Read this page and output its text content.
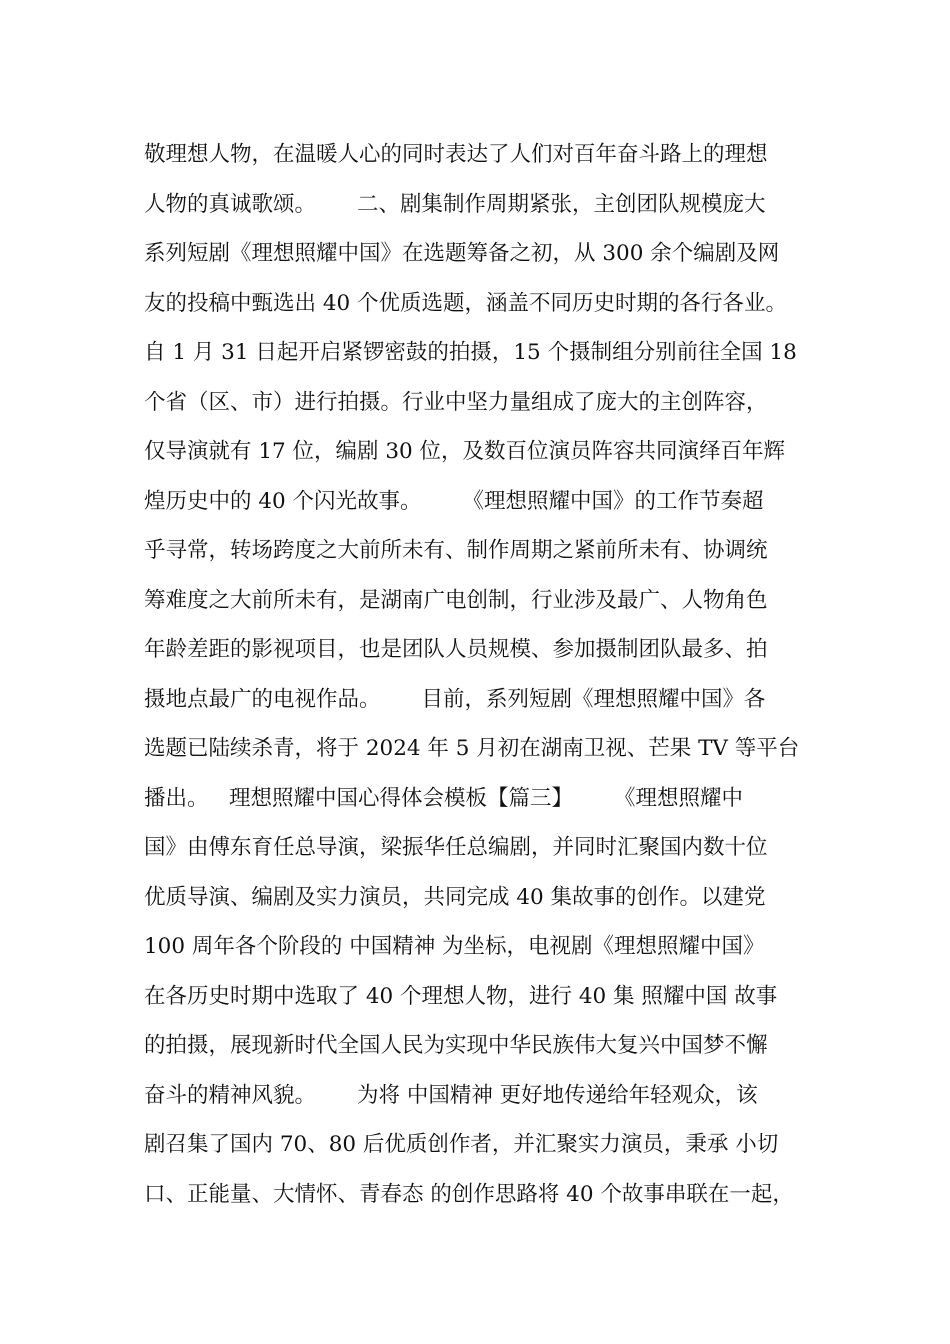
敬理想人物，在温暖人心的同时表达了人们对百年奋斗路上的理想
人物的真诚歌颂。      二、剧集制作周期紧张，主创团队规模庞大
系列短剧《理想照耀中国》在选题筹备之初，从 300 余个编剧及网
友的投稿中甄选出 40 个优质选题，涵盖不同历史时期的各行各业。
自 1 月 31 日起开启紧锣密鼓的拍摄，15 个摄制组分别前往全国 18
个省（区、市）进行拍摄。行业中坚力量组成了庞大的主创阵容，
仅导演就有 17 位，编剧 30 位，及数百位演员阵容共同演绎百年辉
煌历史中的 40 个闪光故事。      《理想照耀中国》的工作节奏超
乎寻常，转场跨度之大前所未有、制作周期之紧前所未有、协调统
筹难度之大前所未有，是湖南广电创制，行业涉及最广、人物角色
年龄差距的影视项目，也是团队人员规模、参加摄制团队最多、拍
摄地点最广的电视作品。      目前，系列短剧《理想照耀中国》各
选题已陆续杀青，将于 2024 年 5 月初在湖南卫视、芒果 TV 等平台
播出。   理想照耀中国心得体会模板【篇三】      《理想照耀中
国》由傅东育任总导演，梁振华任总编剧，并同时汇聚国内数十位
优质导演、编剧及实力演员，共同完成 40 集故事的创作。以建党
100 周年各个阶段的 中国精神 为坐标，电视剧《理想照耀中国》
在各历史时期中选取了 40 个理想人物，进行 40 集 照耀中国 故事
的拍摄，展现新时代全国人民为实现中华民族伟大复兴中国梦不懈
奋斗的精神风貌。      为将 中国精神 更好地传递给年轻观众，该
剧召集了国内 70、80 后优质创作者，并汇聚实力演员，秉承 小切
口、正能量、大情怀、青春态 的创作思路将 40 个故事串联在一起，
